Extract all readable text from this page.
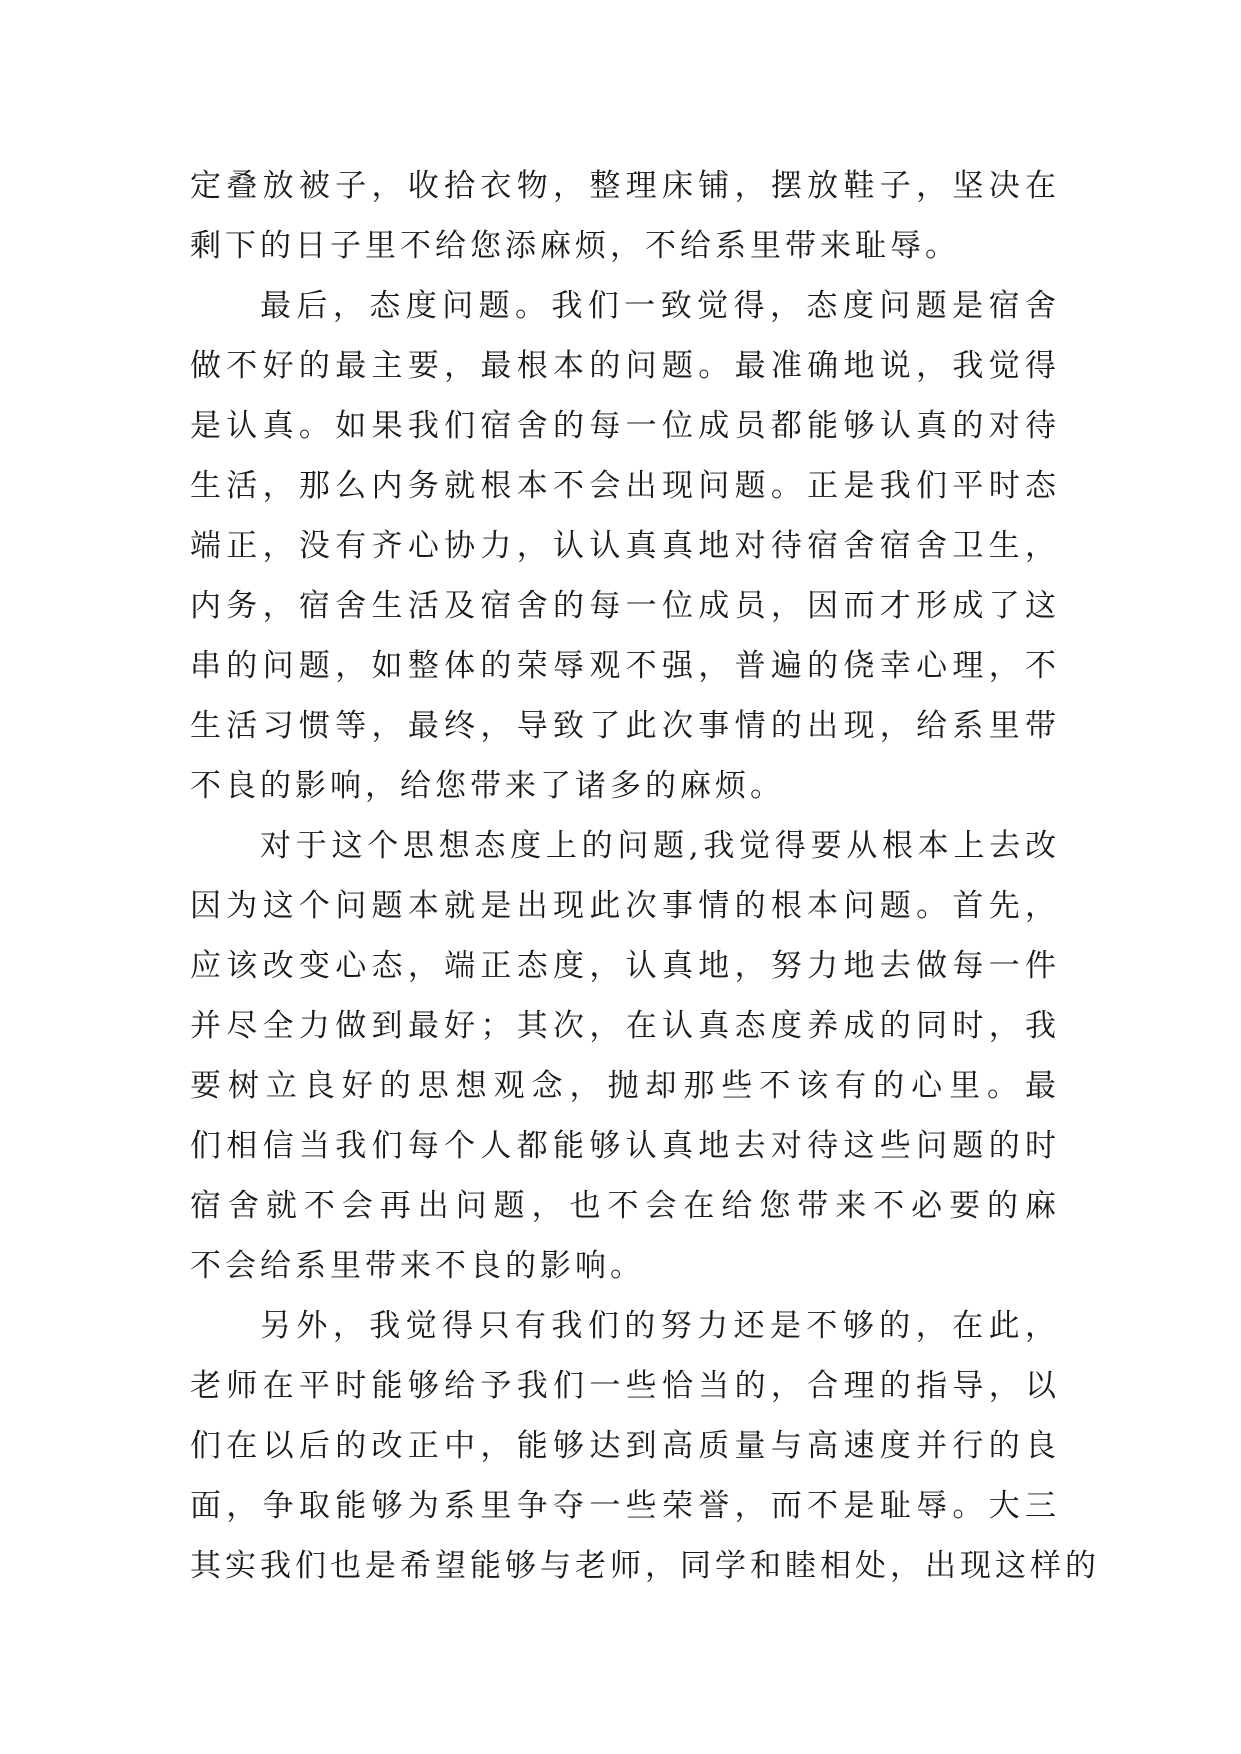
定叠放被子，收拾衣物，整理床铺，摆放鞋子，坚决在
剩下的日子里不给您添麻烦，不给系里带来耻辱。
最后，态度问题。我们一致觉得，态度问题是宿舍
做不好的最主要，最根本的问题。最准确地说，我觉得
是认真。如果我们宿舍的每一位成员都能够认真的对待
生活，那么内务就根本不会出现问题。正是我们平时态
端正，没有齐心协力，认认真真地对待宿舍宿舍卫生，
内务，宿舍生活及宿舍的每一位成员，因而才形成了这
串的问题，如整体的荣辱观不强，普遍的侥幸心理，不
生活习惯等，最终，导致了此次事情的出现，给系里带
不良的影响，给您带来了诸多的麻烦。
对于这个思想态度上的问题,我觉得要从根本上去改
因为这个问题本就是出现此次事情的根本问题。首先，
应该改变心态，端正态度，认真地，努力地去做每一件
并尽全力做到最好；其次，在认真态度养成的同时，我
要树立良好的思想观念，抛却那些不该有的心里。最
们相信当我们每个人都能够认真地去对待这些问题的时
宿舍就不会再出问题，也不会在给您带来不必要的麻
不会给系里带来不良的影响。
另外，我觉得只有我们的努力还是不够的，在此，
老师在平时能够给予我们一些恰当的，合理的指导，以
们在以后的改正中，能够达到高质量与高速度并行的良
面，争取能够为系里争夺一些荣誉，而不是耻辱。大三
其实我们也是希望能够与老师，同学和睦相处，出现这样的
